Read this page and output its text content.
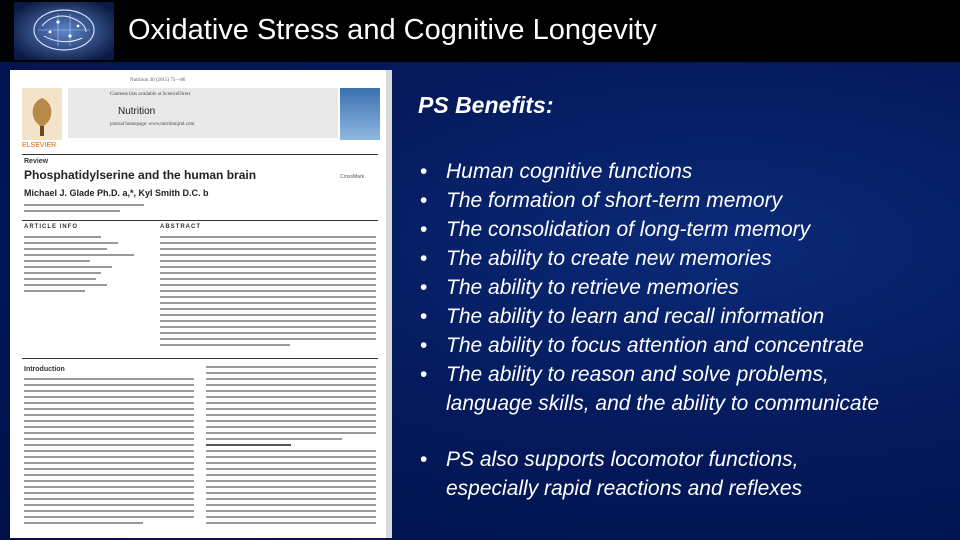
Oxidative Stress and Cognitive Longevity
Nutrition 30 (2015) 75—86
ELSEVIER
Contents lists available at ScienceDirect
Nutrition
journal homepage: www.nutritionjrnl.com
Review
Phosphatidylserine and the human brain
Michael J. Glade Ph.D. a,*, Kyl Smith D.C. b
CrossMark
ARTICLE INFO	ABSTRACT
Introduction
PS Benefits:
• Human cognitive functions
• The formation of short-term memory
• The consolidation of long-term memory
• The ability to create new memories
• The ability to retrieve memories
• The ability to learn and recall information
• The ability to focus attention and concentrate
• The ability to reason and solve problems,
language skills, and the ability to communicate
• PS also supports locomotor functions,
especially rapid reactions and reflexes
